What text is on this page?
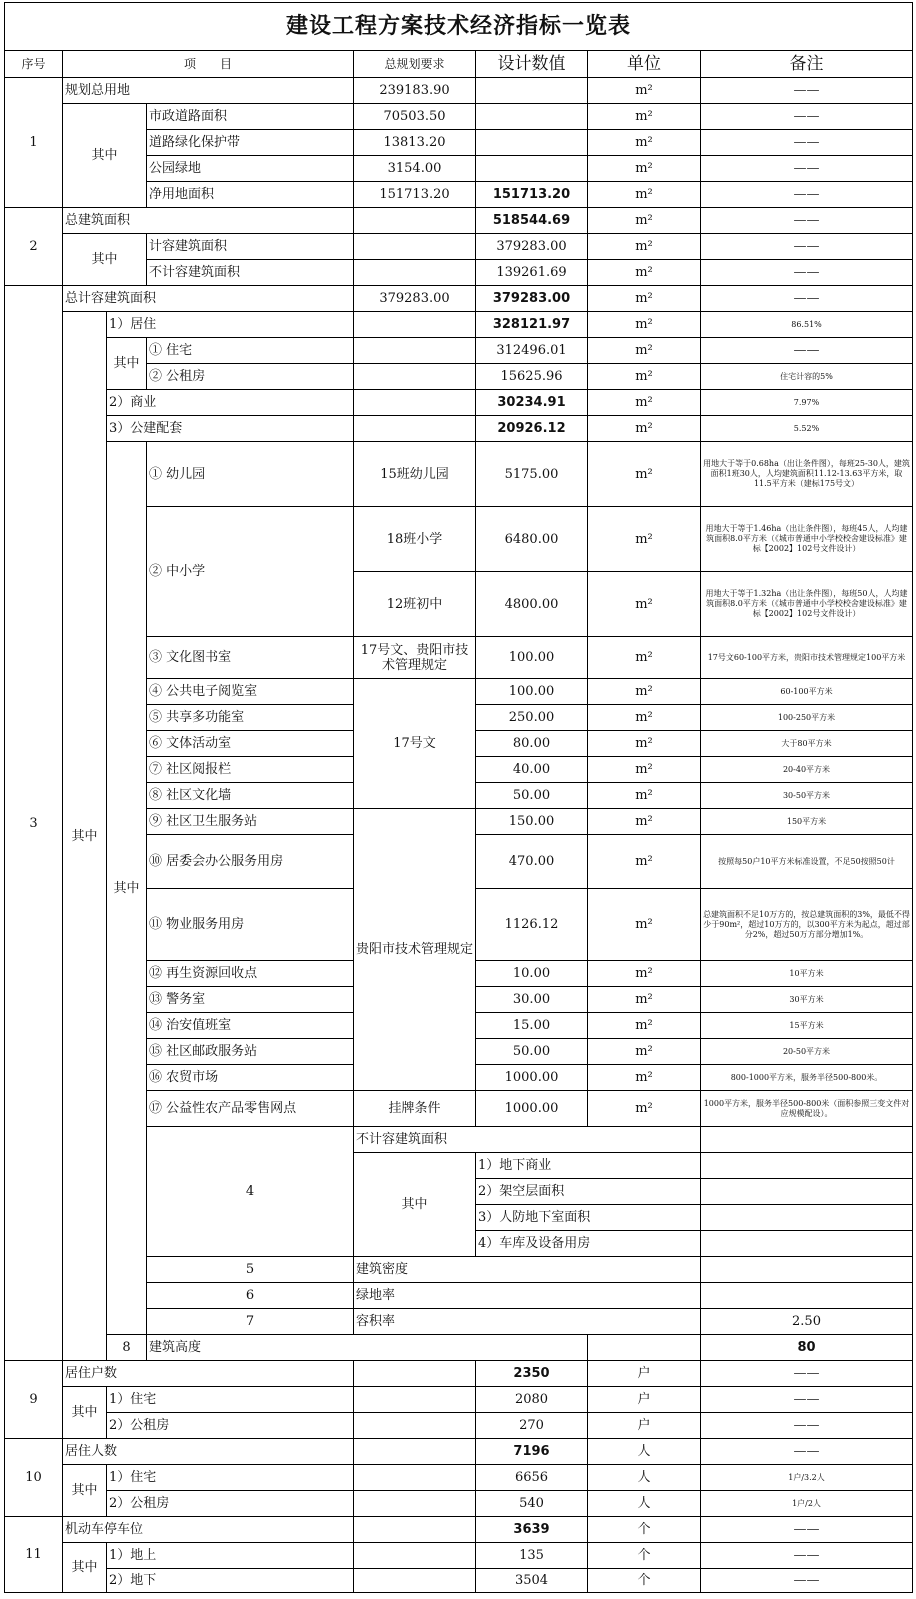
建设工程方案技术经济指标一览表								
序号	项　　目			总规划要求	设计数值	单位	备注	
1	规划总用地			239183.90		m²	——	
	其中		市政道路面积	70503.50		m²	——	
			道路绿化保护带	13813.20		m²	——	
			公园绿地	3154.00		m²	——	
			净用地面积	151713.20	151713.20	m²	——	
2	总建筑面积				518544.69	m²	——	
	其中		计容建筑面积		379283.00	m²	——	
			不计容建筑面积		139261.69	m²	——	
3	总计容建筑面积			379283.00	379283.00	m²	——	
	其中	1）居住			328121.97	m²	86.51%	
		其中	① 住宅		312496.01	m²	——	
			② 公租房		15625.96	m²	住宅计容的5%	
		2）商业			30234.91	m²	7.97%	
		3）公建配套			20926.12	m²	5.52%	
		其中	① 幼儿园	15班幼儿园	5175.00	m²	用地大于等于0.68ha（出让条件图），每班25-30人，建筑面积1班30人，人均建筑面积11.12-13.63平方米，取11.5平方米（建标175号文）	
			② 中小学	18班小学	6480.00	m²	用地大于等于1.46ha（出让条件图），每班45人，人均建筑面积8.0平方米（《城市普通中小学校校舍建设标准》建标【2002】102号文件设计）	
				12班初中	4800.00	m²	用地大于等于1.32ha（出让条件图），每班50人，人均建筑面积8.0平方米（《城市普通中小学校校舍建设标准》建标【2002】102号文件设计）	
			③ 文化图书室	17号文、贵阳市技术管理规定	100.00	m²	17号文60-100平方米，贵阳市技术管理规定100平方米	
			④ 公共电子阅览室	17号文	100.00	m²	60-100平方米	
			⑤ 共享多功能室		250.00	m²	100-250平方米	
			⑥ 文体活动室		80.00	m²	大于80平方米	
			⑦ 社区阅报栏		40.00	m²	20-40平方米	
			⑧ 社区文化墙		50.00	m²	30-50平方米	
			⑨ 社区卫生服务站	贵阳市技术管理规定	150.00	m²	150平方米	
			⑩ 居委会办公服务用房		470.00	m²	按照每50户10平方米标准设置，不足50按照50计	
			⑪ 物业服务用房		1126.12	m²	总建筑面积不足10万方的，按总建筑面积的3%，最低不得少于90m²，超过10万方的，以300平方米为起点，超过部分2%，超过50万方部分增加1%。	
			⑫ 再生资源回收点		10.00	m²	10平方米	
			⑬ 警务室		30.00	m²	30平方米	
			⑭ 治安值班室		15.00	m²	15平方米	
			⑮ 社区邮政服务站		50.00	m²	20-50平方米	
			⑯ 农贸市场		1000.00	m²	800-1000平方米，服务半径500-800米。	
			⑰ 公益性农产品零售网点	挂牌条件	1000.00	m²	1000平方米，服务半径500-800米（面积参照三变文件对应规模配设）。	
			4	不计容建筑面积				
				其中	1）地下商业				
					2）架空层面积				
					3）人防地下室面积				
					4）车库及设备用房				
			5	建筑密度				
			6	绿地率				
			7	容积率			2.50			
		8	建筑高度				80		
9	居住户数				2350	户	——	
	其中	1）住宅			2080	户	——	
		2）公租房			270	户	——	
10	居住人数				7196	人	——	
	其中	1）住宅			6656	人	1户/3.2人	
		2）公租房			540	人	1户/2人	
11	机动车停车位				3639	个	——	
	其中	1）地上			135	个	——	
		2）地下			3504	个	——	
